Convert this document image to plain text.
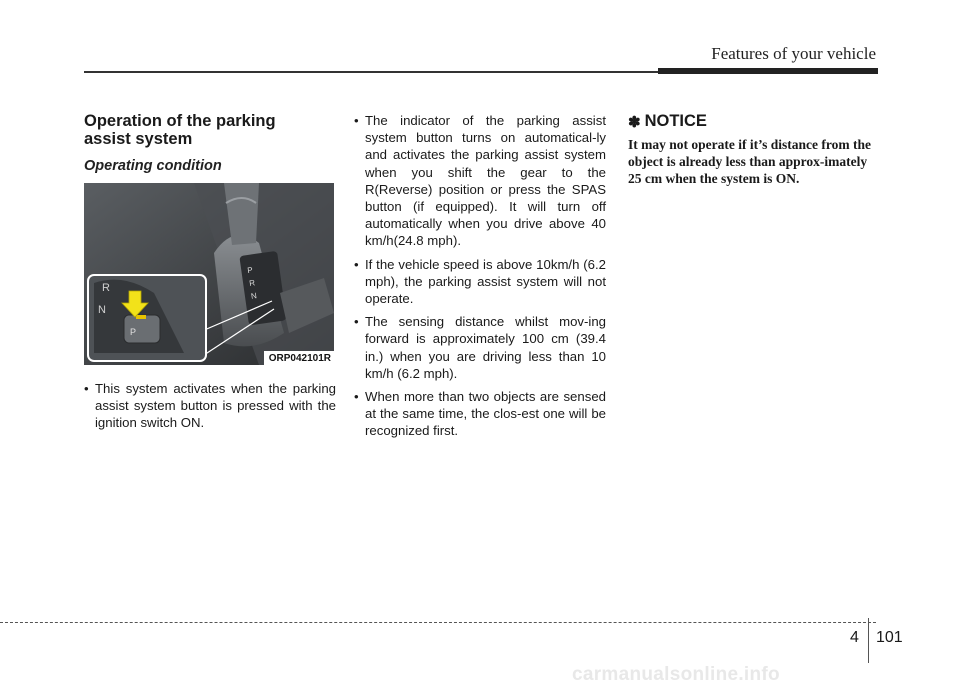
Features of your vehicle
Operation of the parking
assist system
Operating condition
P
R
N
R
N
P
ORP042101R
• This system activates when the parking assist system button is pressed with the ignition switch ON.
• The indicator of the parking assist system button turns on automatical-ly and activates the parking assist system when you shift the gear to the R(Reverse) position or press the SPAS button (if equipped). It will turn off automatically when you drive above 40 km/h(24.8 mph).
• If the vehicle speed is above 10km/h (6.2 mph), the parking assist system will not operate.
• The sensing distance whilst mov-ing forward is approximately 100 cm (39.4 in.) when you are driving less than 10 km/h (6.2 mph).
• When more than two objects are sensed at the same time, the clos-est one will be recognized first.
✽ NOTICE
It may not operate if it’s distance from the object is already less than approx-imately 25 cm when the system is ON.
4 101
carmanualsonline.info
